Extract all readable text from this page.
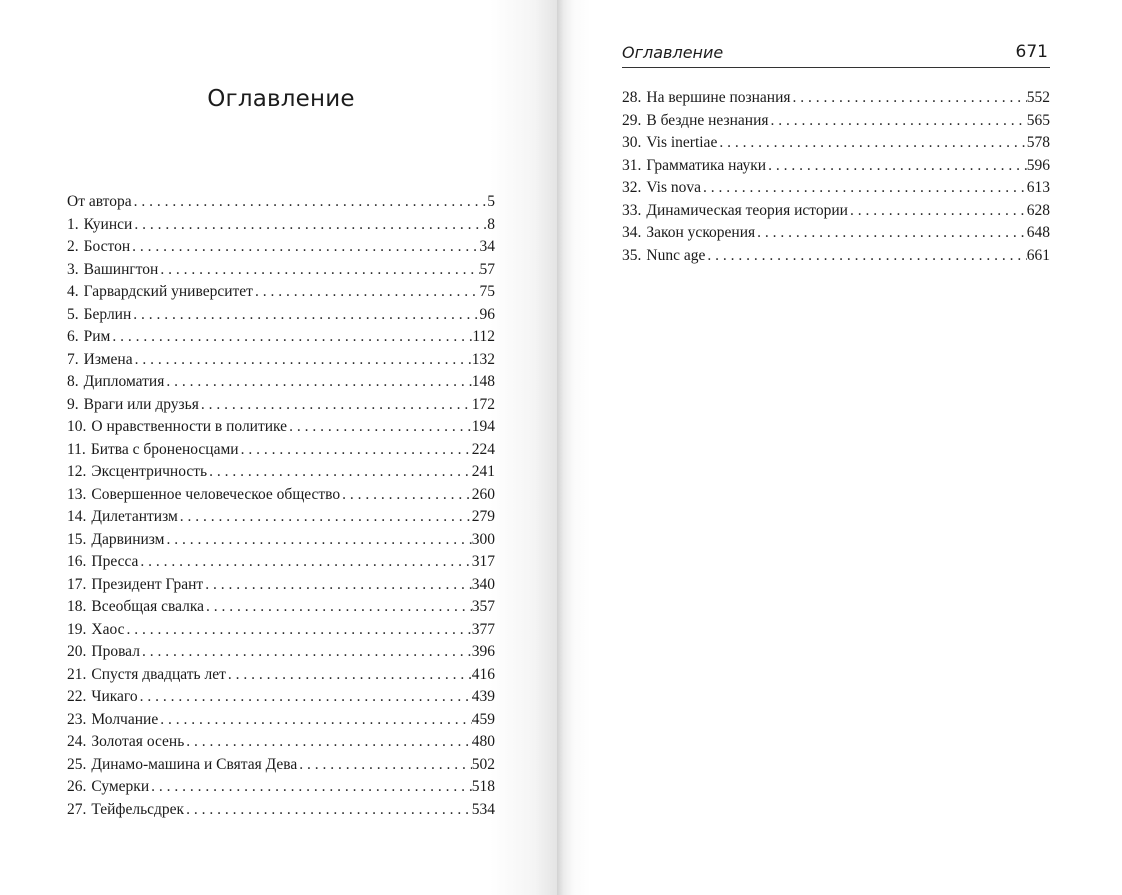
Оглавление
От автора . . .	5
1. Куинси . . .	8
2. Бостон . . .	34
3. Вашингтон . . .	57
4. Гарвардский университет . . .	75
5. Берлин . . .	96
6. Рим . . .	112
7. Измена . . .	132
8. Дипломатия . . .	148
9. Враги или друзья . . .	172
10. О нравственности в политике . . .	194
11. Битва с броненосцами . . .	224
12. Эксцентричность . . .	241
13. Совершенное человеческое общество . . .	260
14. Дилетантизм . . .	279
15. Дарвинизм . . .	300
16. Пресса . . .	317
17. Президент Грант . . .	340
18. Всеобщая свалка . . .	357
19. Хаос . . .	377
20. Провал . . .	396
21. Спустя двадцать лет . . .	416
22. Чикаго . . .	439
23. Молчание . . .	459
24. Золотая осень . . .	480
25. Динамо-машина и Святая Дева . . .	502
26. Сумерки . . .	518
27. Тейфельсдрек . . .	534
Оглавление	671
28. На вершине познания . . .	552
29. В бездне незнания . . .	565
30. Vis inertiae . . .	578
31. Грамматика науки . . .	596
32. Vis nova . . .	613
33. Динамическая теория истории . . .	628
34. Закон ускорения . . .	648
35. Nunc age . . .	661
